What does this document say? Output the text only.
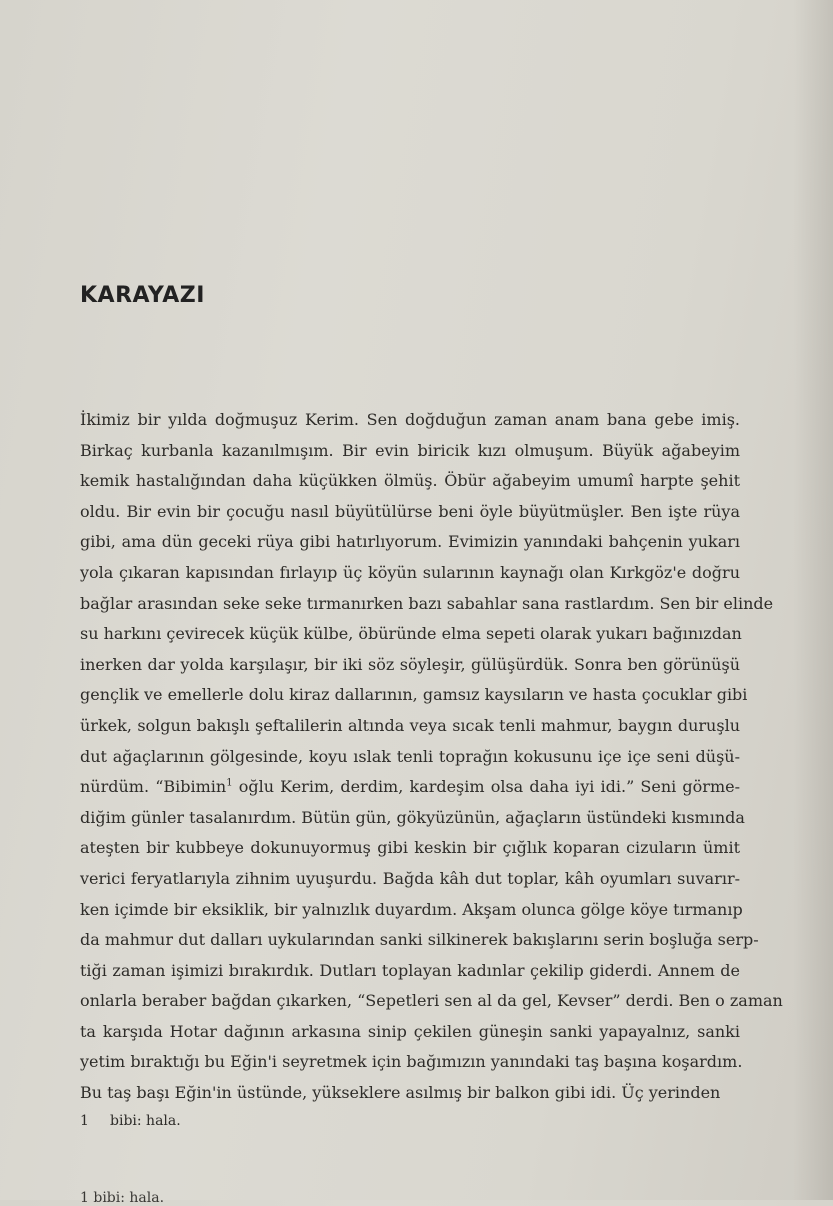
KARAYAZI
İkimiz bir yılda doğmuşuz Kerim. Sen doğduğun zaman anam bana gebe imiş.
Birkaç kurbanla kazanılmışım. Bir evin biricik kızı olmuşum. Büyük ağabeyim
kemik hastalığından daha küçükken ölmüş. Öbür ağabeyim umumî harpte şehit
oldu. Bir evin bir çocuğu nasıl büyütülürse beni öyle büyütmüşler. Ben işte rüya
gibi, ama dün geceki rüya gibi hatırlıyorum. Evimizin yanındaki bahçenin yukarı
yola çıkaran kapısından fırlayıp üç köyün sularının kaynağı olan Kırkgöz'e doğru
bağlar arasından seke seke tırmanırken bazı sabahlar sana rastlardım. Sen bir elinde
su harkını çevirecek küçük külbe, öbüründe elma sepeti olarak yukarı bağınızdan
inerken dar yolda karşılaşır, bir iki söz söyleşir, gülüşürdük. Sonra ben görünüşü
gençlik ve emellerle dolu kiraz dallarının, gamsız kaysıların ve hasta çocuklar gibi
ürkek, solgun bakışlı şeftalilerin altında veya sıcak tenli mahmur, baygın duruşlu
dut ağaçlarının gölgesinde, koyu ıslak tenli toprağın kokusunu içe içe seni düşü-
nürdüm. “Bibimin$^1$ oğlu Kerim, derdim, kardeşim olsa daha iyi idi.” Seni görme-
diğim günler tasalanırdım. Bütün gün, gökyüzünün, ağaçların üstündeki kısmında
ateşten bir kubbeye dokunuyormuş gibi keskin bir çığlık koparan cizuların ümit
verici feryatlarıyla zihnim uyuşurdu. Bağda kâh dut toplar, kâh oyumları suvarır-
ken içimde bir eksiklik, bir yalnızlık duyardım. Akşam olunca gölge köye tırmanıp
da mahmur dut dalları uykularından sanki silkinerek bakışlarını serin boşluğa serp-
tiği zaman işimizi bırakırdık. Dutları toplayan kadınlar çekilip giderdi. Annem de
onlarla beraber bağdan çıkarken, “Sepetleri sen al da gel, Kevser” derdi. Ben o zaman
ta karşıda Hotar dağının arkasına sinip çekilen güneşin sanki yapayalnız, sanki
yetim bıraktığı bu Eğin'i seyretmek için bağımızın yanındaki taş başına koşardım.
Bu taş başı Eğin'in üstünde, yükseklere asılmış bir balkon gibi idi. Üç yerinden
1 bibi: hala.
1 bibi: hala.
